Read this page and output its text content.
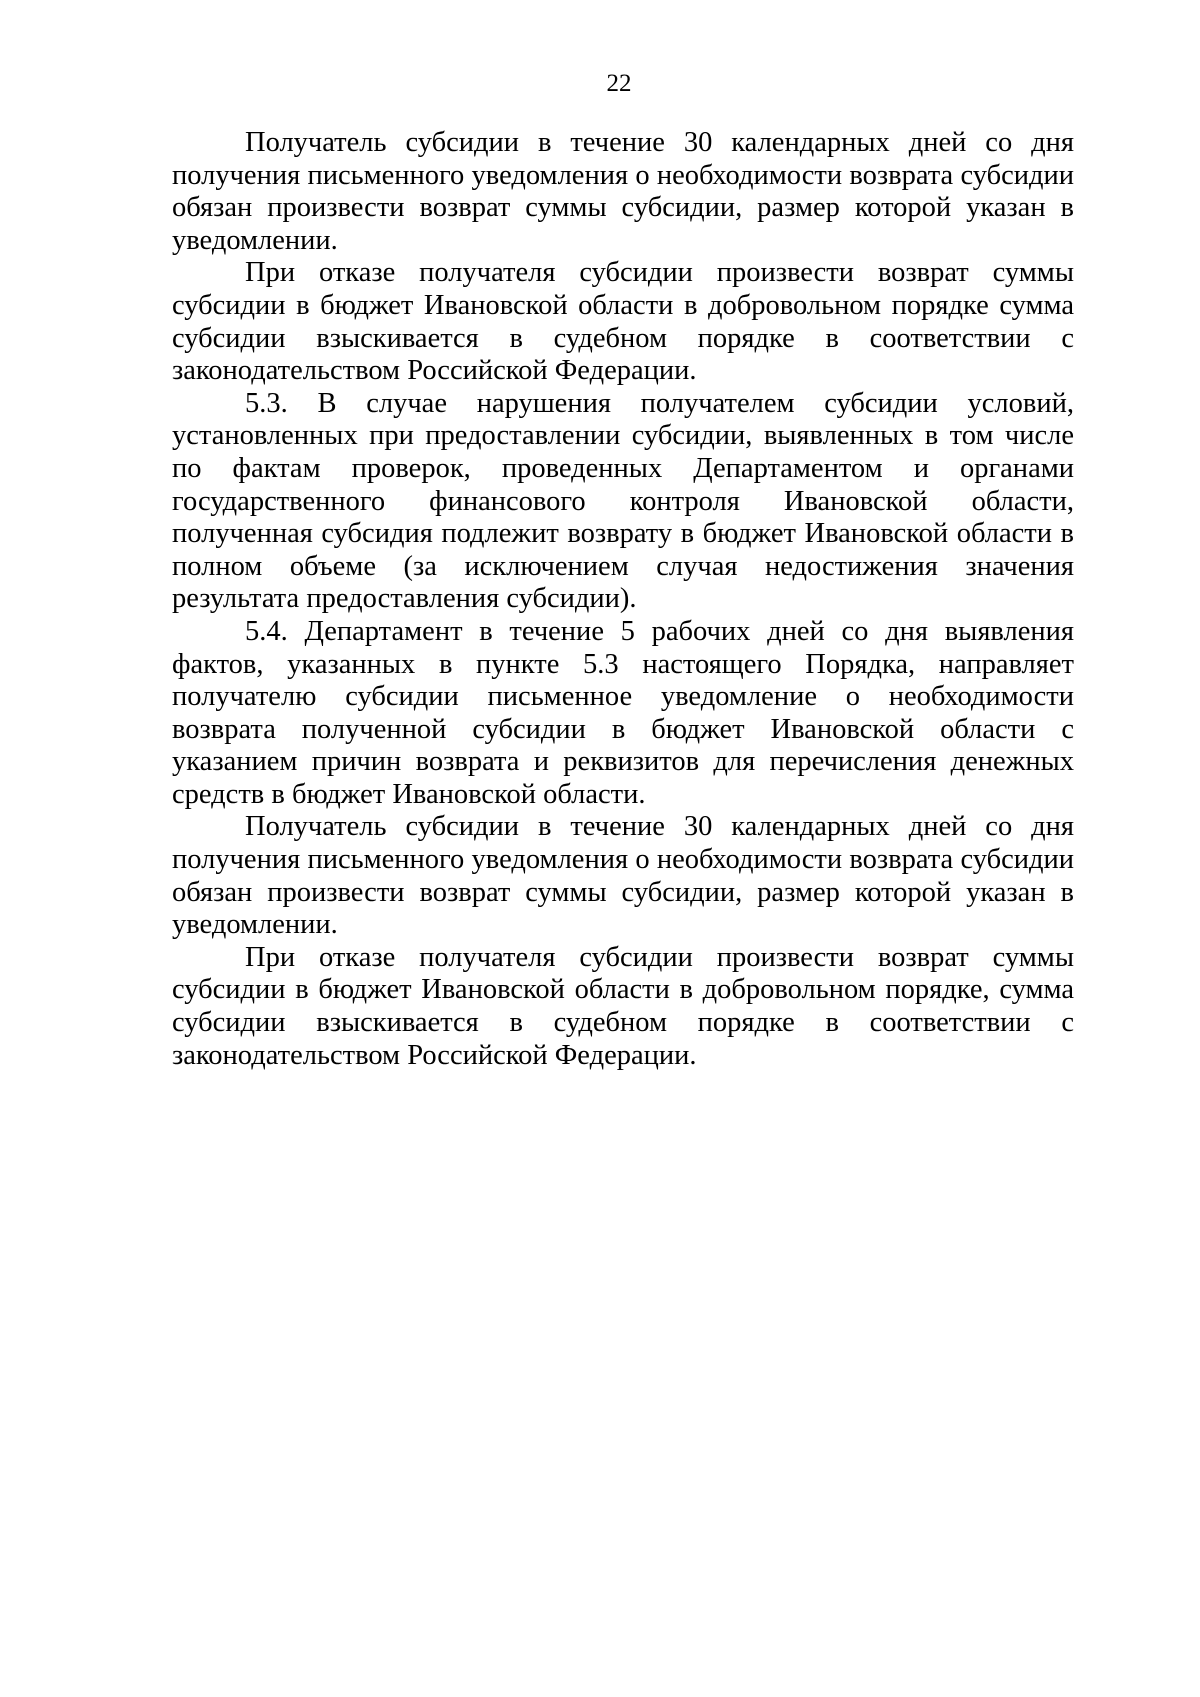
22

Получатель субсидии в течение 30 календарных дней со дня получения письменного уведомления о необходимости возврата субсидии обязан произвести возврат суммы субсидии, размер которой указан в уведомлении.

При отказе получателя субсидии произвести возврат суммы субсидии в бюджет Ивановской области в добровольном порядке сумма субсидии взыскивается в судебном порядке в соответствии с законодательством Российской Федерации.

5.3. В случае нарушения получателем субсидии условий, установленных при предоставлении субсидии, выявленных в том числе по фактам проверок, проведенных Департаментом и органами государственного финансового контроля Ивановской области, полученная субсидия подлежит возврату в бюджет Ивановской области в полном объеме (за исключением случая недостижения значения результата предоставления субсидии).

5.4. Департамент в течение 5 рабочих дней со дня выявления фактов, указанных в пункте 5.3 настоящего Порядка, направляет получателю субсидии письменное уведомление о необходимости возврата полученной субсидии в бюджет Ивановской области с указанием причин возврата и реквизитов для перечисления денежных средств в бюджет Ивановской области.

Получатель субсидии в течение 30 календарных дней со дня получения письменного уведомления о необходимости возврата субсидии обязан произвести возврат суммы субсидии, размер которой указан в уведомлении.

При отказе получателя субсидии произвести возврат суммы субсидии в бюджет Ивановской области в добровольном порядке, сумма субсидии взыскивается в судебном порядке в соответствии с законодательством Российской Федерации.
